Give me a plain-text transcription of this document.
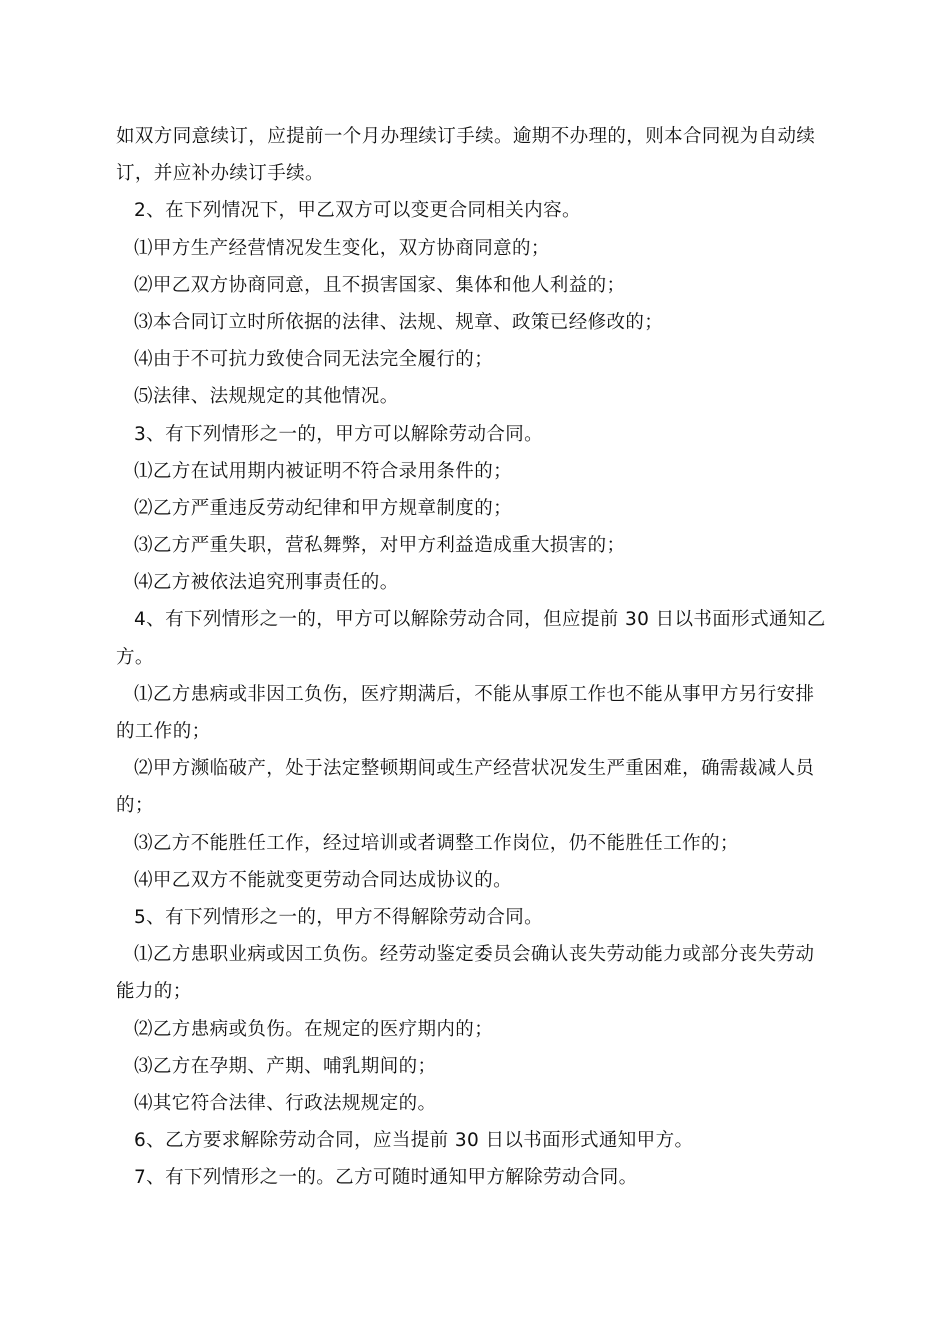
如双方同意续订，应提前一个月办理续订手续。逾期不办理的，则本合同视为自动续
订，并应补办续订手续。
2、在下列情况下，甲乙双方可以变更合同相关内容。
⑴甲方生产经营情况发生变化，双方协商同意的；
⑵甲乙双方协商同意，且不损害国家、集体和他人利益的；
⑶本合同订立时所依据的法律、法规、规章、政策已经修改的；
⑷由于不可抗力致使合同无法完全履行的；
⑸法律、法规规定的其他情况。
3、有下列情形之一的，甲方可以解除劳动合同。
⑴乙方在试用期内被证明不符合录用条件的；
⑵乙方严重违反劳动纪律和甲方规章制度的；
⑶乙方严重失职，营私舞弊，对甲方利益造成重大损害的；
⑷乙方被依法追究刑事责任的。
4、有下列情形之一的，甲方可以解除劳动合同，但应提前 30 日以书面形式通知乙
方。
⑴乙方患病或非因工负伤，医疗期满后，不能从事原工作也不能从事甲方另行安排
的工作的；
⑵甲方濒临破产，处于法定整顿期间或生产经营状况发生严重困难，确需裁减人员
的；
⑶乙方不能胜任工作，经过培训或者调整工作岗位，仍不能胜任工作的；
⑷甲乙双方不能就变更劳动合同达成协议的。
5、有下列情形之一的，甲方不得解除劳动合同。
⑴乙方患职业病或因工负伤。经劳动鉴定委员会确认丧失劳动能力或部分丧失劳动
能力的；
⑵乙方患病或负伤。在规定的医疗期内的；
⑶乙方在孕期、产期、哺乳期间的；
⑷其它符合法律、行政法规规定的。
6、乙方要求解除劳动合同，应当提前 30 日以书面形式通知甲方。
7、有下列情形之一的。乙方可随时通知甲方解除劳动合同。
